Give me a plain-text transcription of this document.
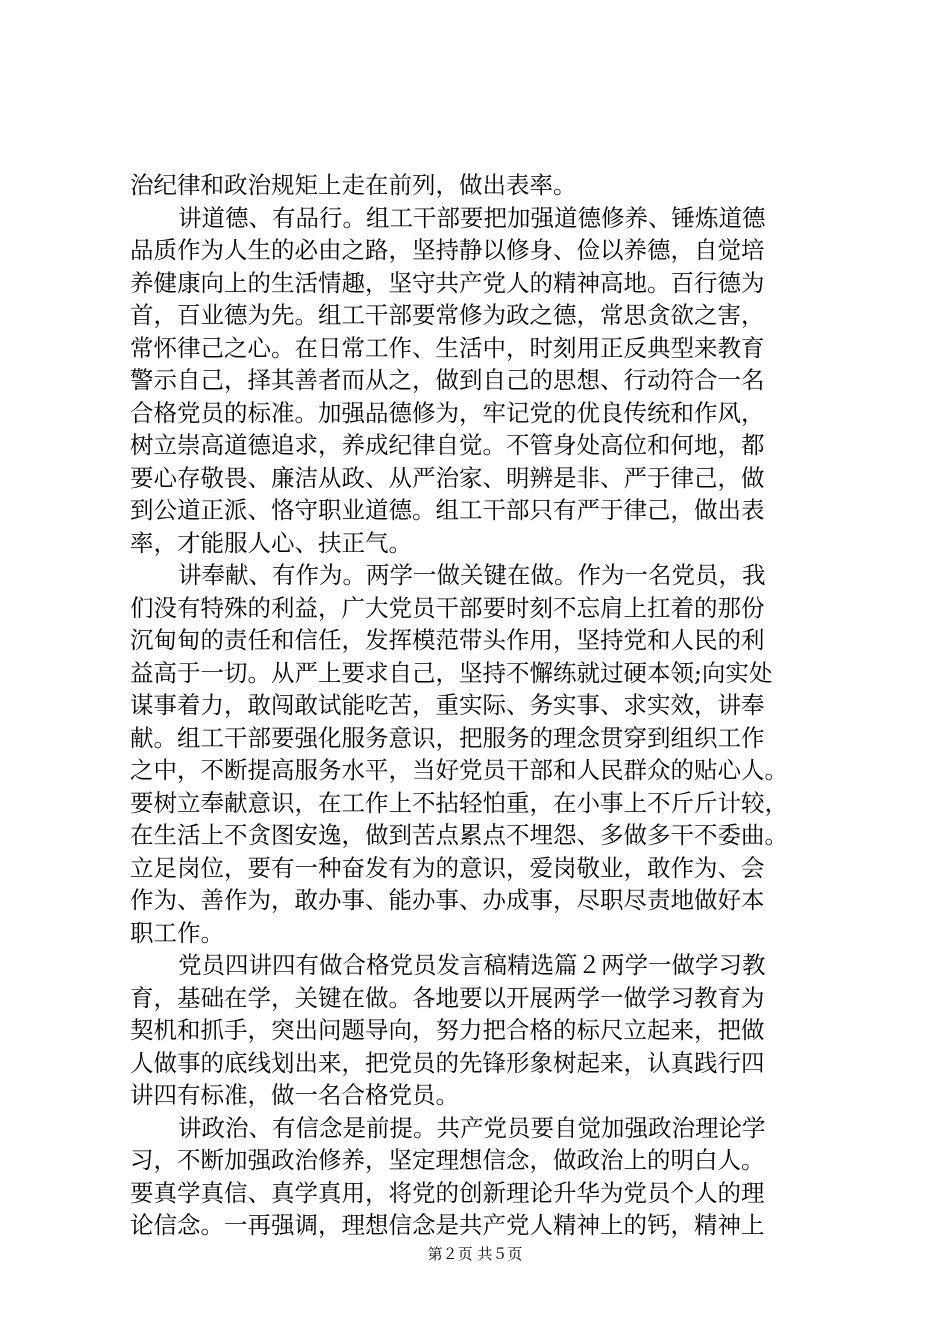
治纪律和政治规矩上走在前列，做出表率。
讲道德、有品行。组工干部要把加强道德修养、锤炼道德
品质作为人生的必由之路，坚持静以修身、俭以养德，自觉培
养健康向上的生活情趣，坚守共产党人的精神高地。百行德为
首，百业德为先。组工干部要常修为政之德，常思贪欲之害，
常怀律己之心。在日常工作、生活中，时刻用正反典型来教育
警示自己，择其善者而从之，做到自己的思想、行动符合一名
合格党员的标准。加强品德修为，牢记党的优良传统和作风，
树立崇高道德追求，养成纪律自觉。不管身处高位和何地，都
要心存敬畏、廉洁从政、从严治家、明辨是非、严于律己，做
到公道正派、恪守职业道德。组工干部只有严于律己，做出表
率，才能服人心、扶正气。
讲奉献、有作为。两学一做关键在做。作为一名党员，我
们没有特殊的利益，广大党员干部要时刻不忘肩上扛着的那份
沉甸甸的责任和信任，发挥模范带头作用，坚持党和人民的利
益高于一切。从严上要求自己，坚持不懈练就过硬本领;向实处
谋事着力，敢闯敢试能吃苦，重实际、务实事、求实效，讲奉
献。组工干部要强化服务意识，把服务的理念贯穿到组织工作
之中，不断提高服务水平，当好党员干部和人民群众的贴心人。
要树立奉献意识，在工作上不拈轻怕重，在小事上不斤斤计较，
在生活上不贪图安逸，做到苦点累点不埋怨、多做多干不委曲。
立足岗位，要有一种奋发有为的意识，爱岗敬业，敢作为、会
作为、善作为，敢办事、能办事、办成事，尽职尽责地做好本
职工作。
党员四讲四有做合格党员发言稿精选篇２两学一做学习教
育，基础在学，关键在做。各地要以开展两学一做学习教育为
契机和抓手，突出问题导向，努力把合格的标尺立起来，把做
人做事的底线划出来，把党员的先锋形象树起来，认真践行四
讲四有标准，做一名合格党员。
讲政治、有信念是前提。共产党员要自觉加强政治理论学
习，不断加强政治修养，坚定理想信念，做政治上的明白人。
要真学真信、真学真用，将党的创新理论升华为党员个人的理
论信念。一再强调，理想信念是共产党人精神上的钙，精神上
第２页 共５页
